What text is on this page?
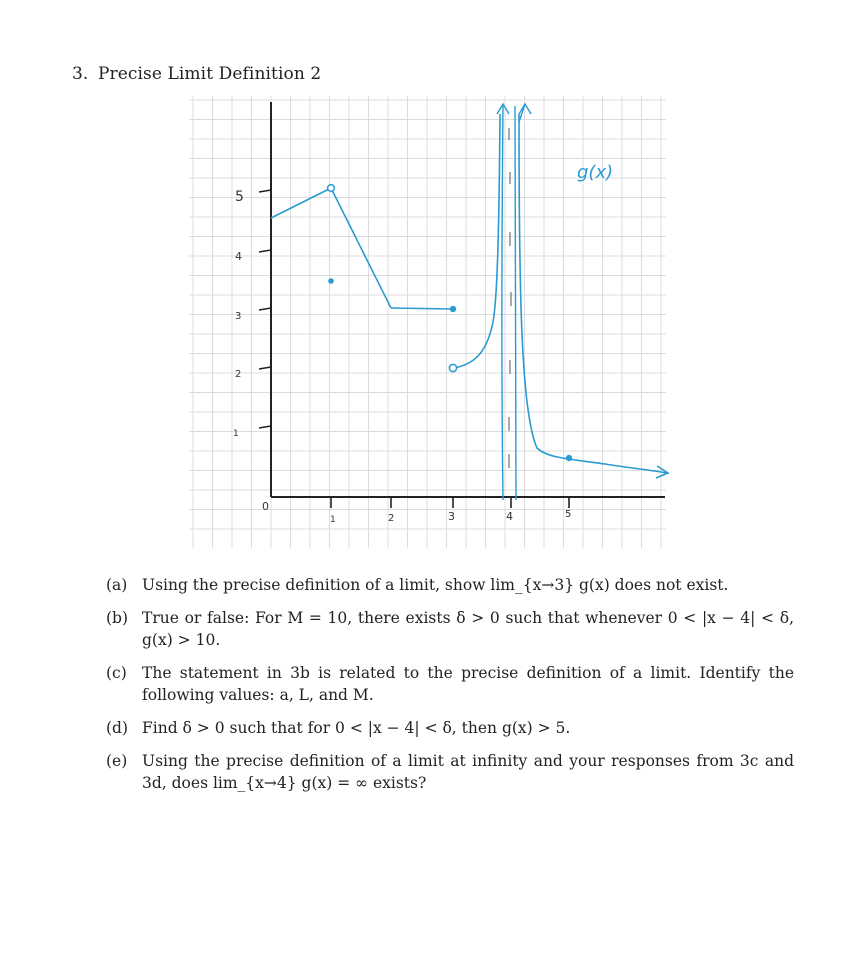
3. Precise Limit Definition 2
5
4
3
2
1
0
1	2	3	4	5
g(x)
(a) Using the precise definition of a limit, show lim_{x→3} g(x) does not exist.
(b) True or false: For M = 10, there exists δ > 0 such that whenever 0 < |x − 4| < δ, g(x) > 10.
(c) The statement in 3b is related to the precise definition of a limit. Identify the following values: a, L, and M.
(d) Find δ > 0 such that for 0 < |x − 4| < δ, then g(x) > 5.
(e) Using the precise definition of a limit at infinity and your responses from 3c and 3d, does lim_{x→4} g(x) = ∞ exists?
